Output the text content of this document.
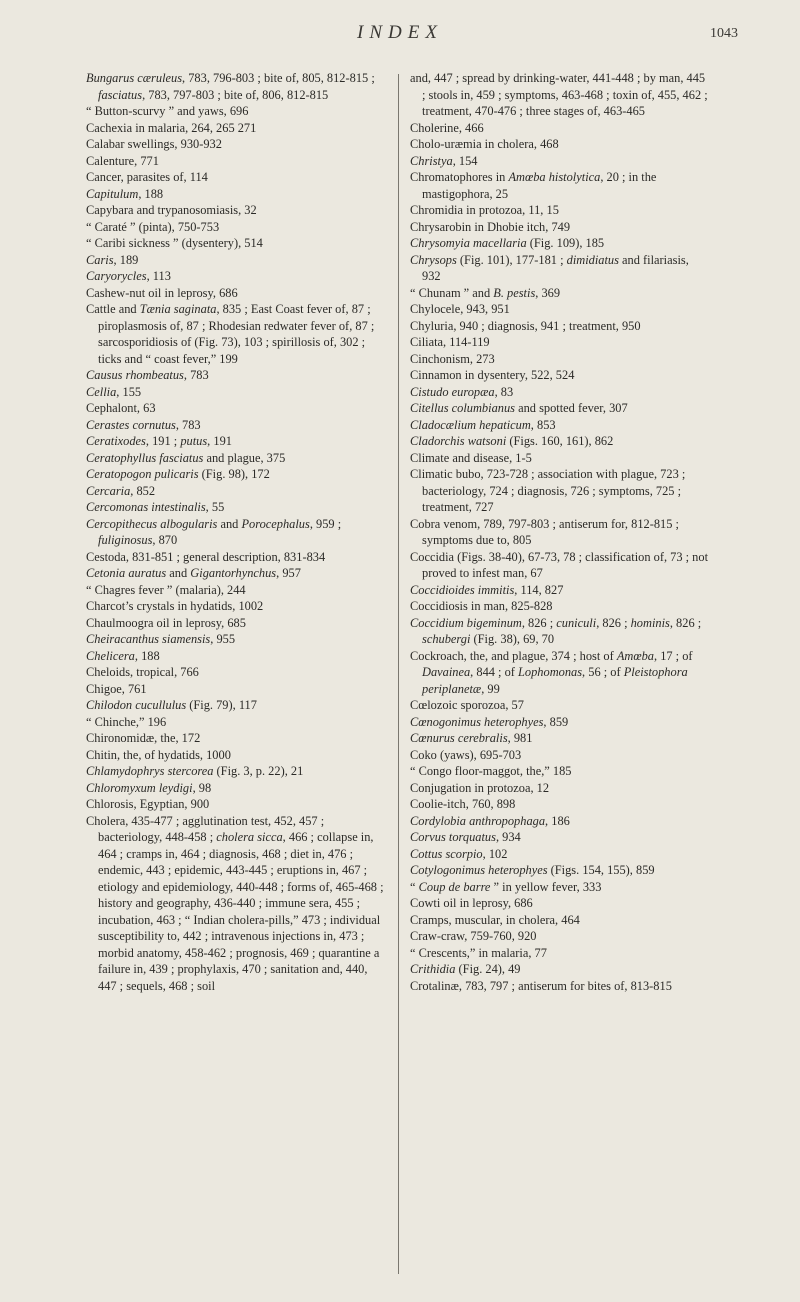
INDEX	1043

Bungarus cæruleus, 783, 796-803 ; bite of, 805, 812-815 ; fasciatus, 783, 797-803 ; bite of, 806, 812-815

“ Button-scurvy ” and yaws, 696

Cachexia in malaria, 264, 265 271

Calabar swellings, 930-932

Calenture, 771

Cancer, parasites of, 114

Capitulum, 188

Capybara and trypanosomiasis, 32

“ Caraté ” (pinta), 750-753

“ Caribi sickness ” (dysentery), 514

Caris, 189

Caryorycles, 113

Cashew-nut oil in leprosy, 686

Cattle and Tænia saginata, 835 ; East Coast fever of, 87 ; piroplasmosis of, 87 ; Rhodesian redwater fever of, 87 ; sarcosporidiosis of (Fig. 73), 103 ; spirillosis of, 302 ; ticks and “ coast fever,” 199

Causus rhombeatus, 783

Cellia, 155

Cephalont, 63

Cerastes cornutus, 783

Ceratixodes, 191 ; putus, 191

Ceratophyllus fasciatus and plague, 375

Ceratopogon pulicaris (Fig. 98), 172

Cercaria, 852

Cercomonas intestinalis, 55

Cercopithecus albogularis and Porocephalus, 959 ; fuliginosus, 870

Cestoda, 831-851 ; general description, 831-834

Cetonia auratus and Gigantorhynchus, 957

“ Chagres fever ” (malaria), 244

Charcot’s crystals in hydatids, 1002

Chaulmoogra oil in leprosy, 685

Cheiracanthus siamensis, 955

Chelicera, 188

Cheloids, tropical, 766

Chigoe, 761

Chilodon cucullulus (Fig. 79), 117

“ Chinche,” 196

Chironomidæ, the, 172

Chitin, the, of hydatids, 1000

Chlamydophrys stercorea (Fig. 3, p. 22), 21

Chloromyxum leydigi, 98

Chlorosis, Egyptian, 900

Cholera, 435-477 ; agglutination test, 452, 457 ; bacteriology, 448-458 ; cholera sicca, 466 ; collapse in, 464 ; cramps in, 464 ; diagnosis, 468 ; diet in, 476 ; endemic, 443 ; epidemic, 443-445 ; eruptions in, 467 ; etiology and epidemiology, 440-448 ; forms of, 465-468 ; history and geography, 436-440 ; immune sera, 455 ; incubation, 463 ; “ Indian cholera-pills,” 473 ; individual susceptibility to, 442 ; intravenous injections in, 473 ; morbid anatomy, 458-462 ; prognosis, 469 ; quarantine a failure in, 439 ; prophylaxis, 470 ; sanitation and, 440, 447 ; sequels, 468 ; soil

and, 447 ; spread by drinking-water, 441-448 ; by man, 445 ; stools in, 459 ; symptoms, 463-468 ; toxin of, 455, 462 ; treatment, 470-476 ; three stages of, 463-465

Cholerine, 466

Cholo-uræmia in cholera, 468

Christya, 154

Chromatophores in Amœba histolytica, 20 ; in the mastigophora, 25

Chromidia in protozoa, 11, 15

Chrysarobin in Dhobie itch, 749

Chrysomyia macellaria (Fig. 109), 185

Chrysops (Fig. 101), 177-181 ; dimidiatus and filariasis, 932

“ Chunam ” and B. pestis, 369

Chylocele, 943, 951

Chyluria, 940 ; diagnosis, 941 ; treatment, 950

Ciliata, 114-119

Cinchonism, 273

Cinnamon in dysentery, 522, 524

Cistudo europæa, 83

Citellus columbianus and spotted fever, 307

Cladocælium hepaticum, 853

Cladorchis watsoni (Figs. 160, 161), 862

Climate and disease, 1-5

Climatic bubo, 723-728 ; association with plague, 723 ; bacteriology, 724 ; diagnosis, 726 ; symptoms, 725 ; treatment, 727

Cobra venom, 789, 797-803 ; antiserum for, 812-815 ; symptoms due to, 805

Coccidia (Figs. 38-40), 67-73, 78 ; classification of, 73 ; not proved to infest man, 67

Coccidioides immitis, 114, 827

Coccidiosis in man, 825-828

Coccidium bigeminum, 826 ; cuniculi, 826 ; hominis, 826 ; schubergi (Fig. 38), 69, 70

Cockroach, the, and plague, 374 ; host of Amœba, 17 ; of Davainea, 844 ; of Lophomonas, 56 ; of Pleistophora periplanetæ, 99

Cœlozoic sporozoa, 57

Cœnogonimus heterophyes, 859

Cœnurus cerebralis, 981

Coko (yaws), 695-703

“ Congo floor-maggot, the,” 185

Conjugation in protozoa, 12

Coolie-itch, 760, 898

Cordylobia anthropophaga, 186

Corvus torquatus, 934

Cottus scorpio, 102

Cotylogonimus heterophyes (Figs. 154, 155), 859

“ Coup de barre ” in yellow fever, 333

Cowti oil in leprosy, 686

Cramps, muscular, in cholera, 464

Craw-craw, 759-760, 920

“ Crescents,” in malaria, 77

Crithidia (Fig. 24), 49

Crotalinæ, 783, 797 ; antiserum for bites of, 813-815
